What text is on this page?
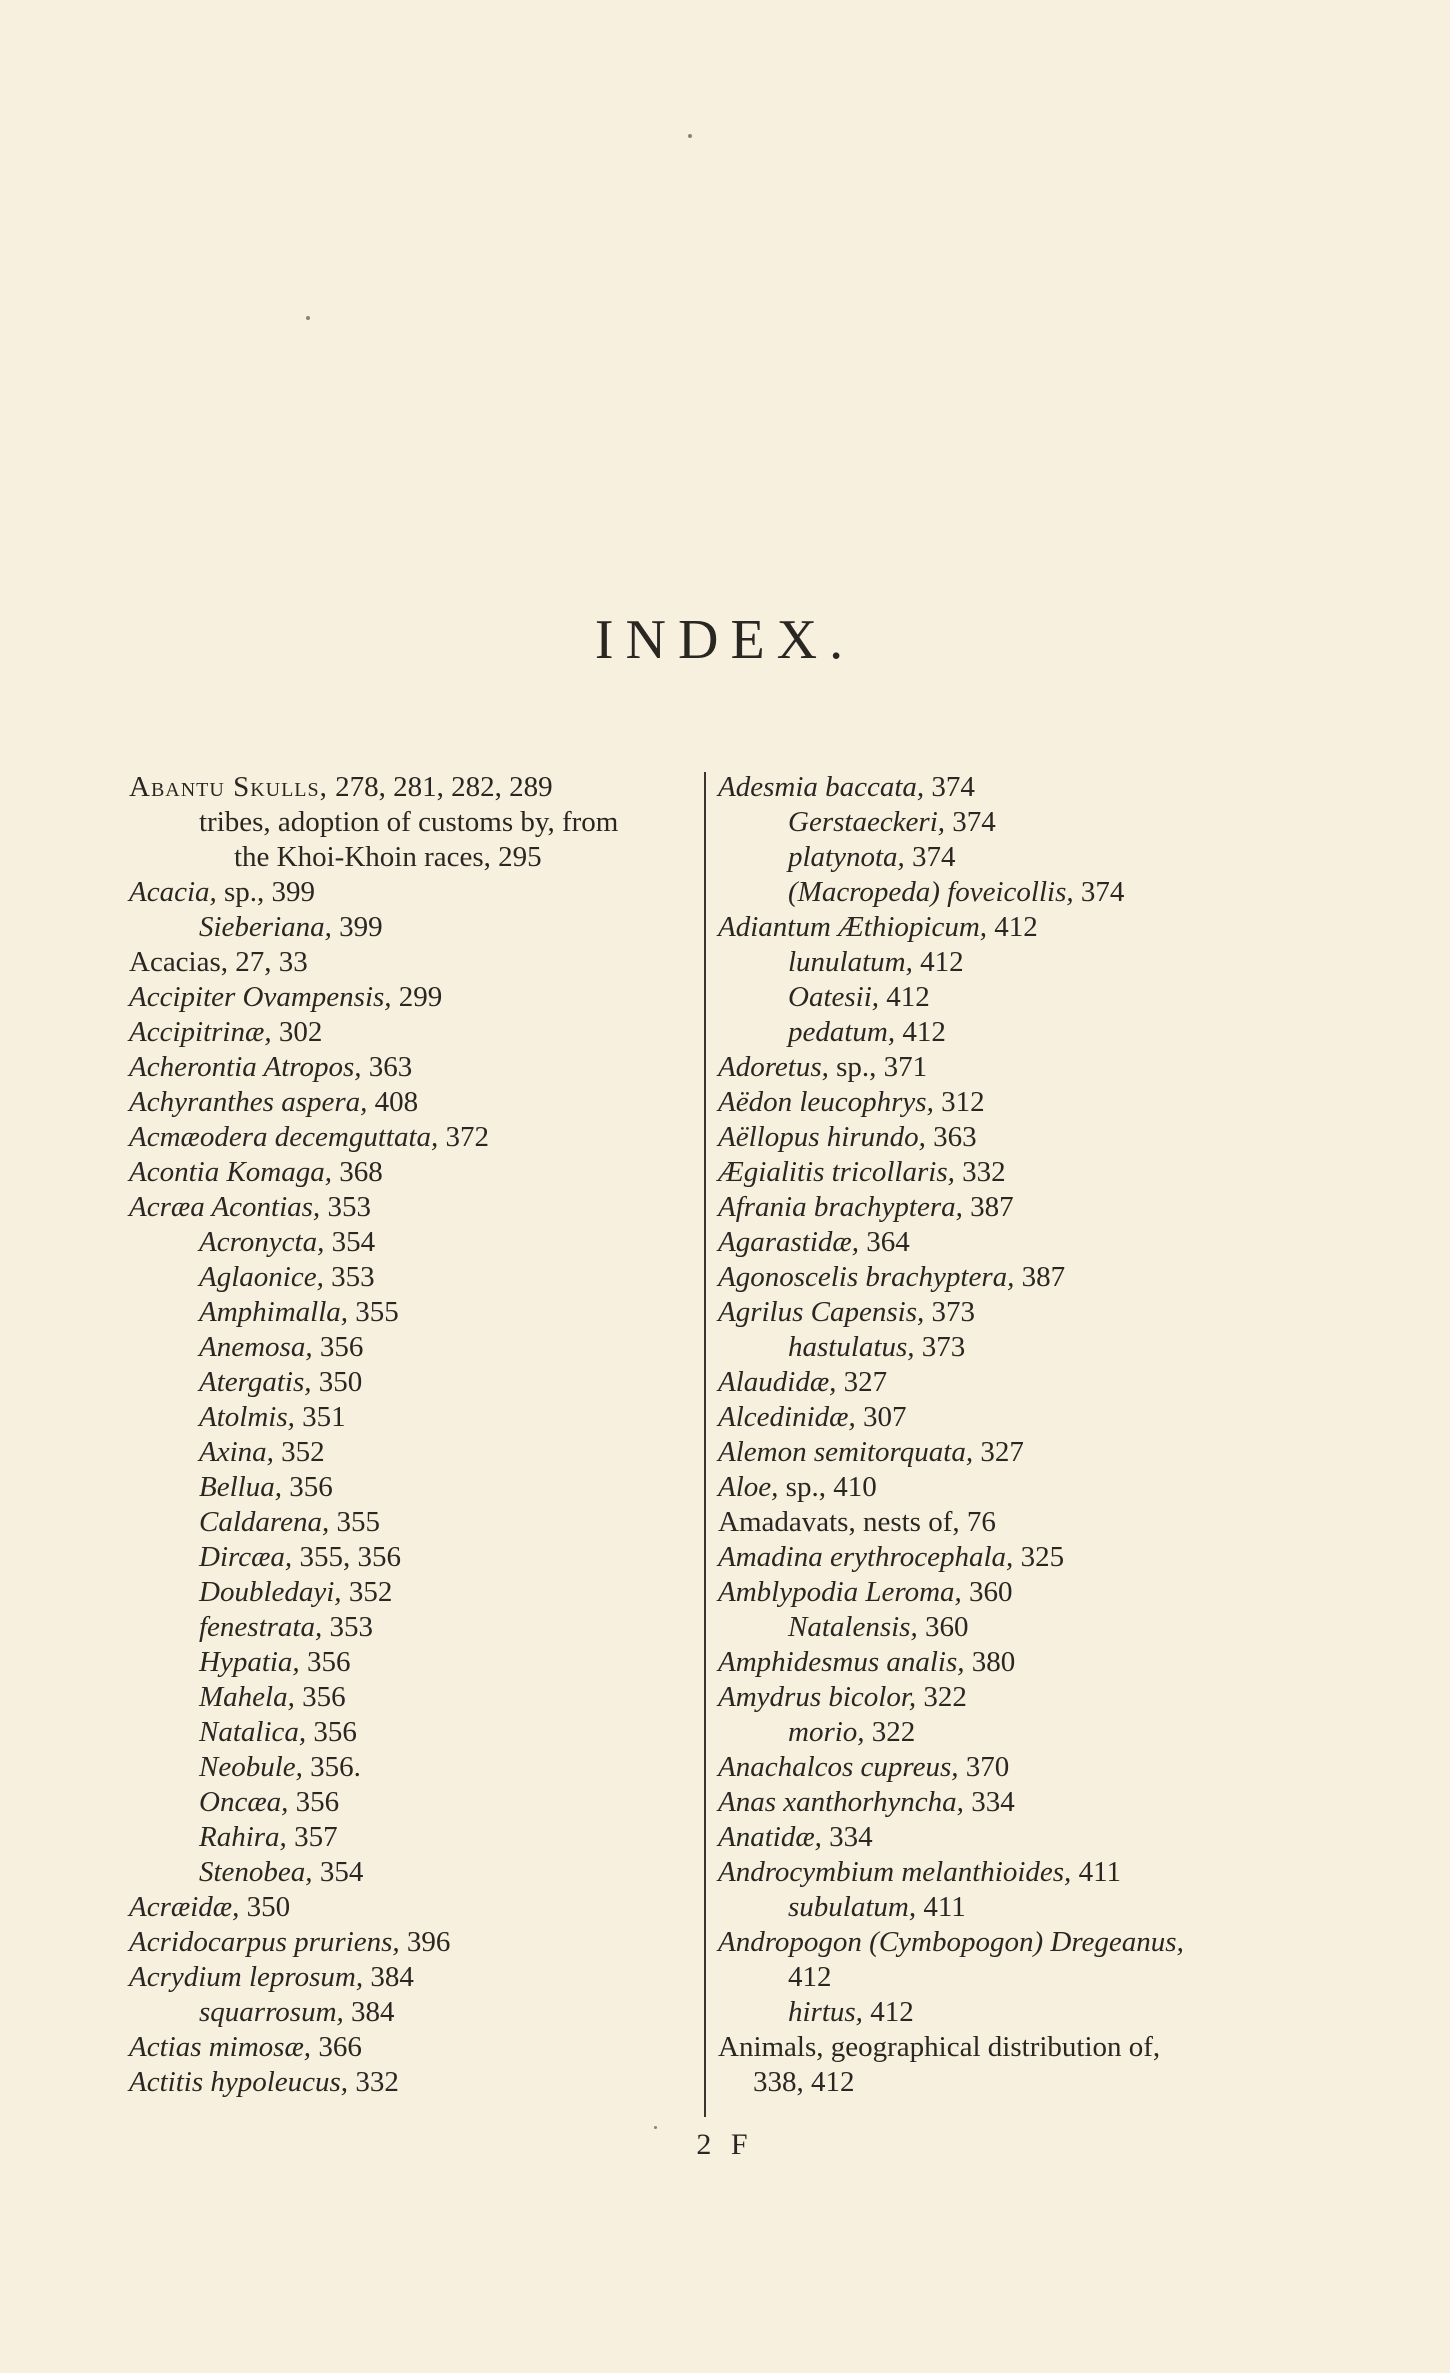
INDEX.
Abantu Skulls, 278, 281, 282, 289
tribes, adoption of customs by, from
the Khoi-Khoin races, 295
Acacia, sp., 399
Sieberiana, 399
Acacias, 27, 33
Accipiter Ovampensis, 299
Accipitrinæ, 302
Acherontia Atropos, 363
Achyranthes aspera, 408
Acmæodera decemguttata, 372
Acontia Komaga, 368
Acræa Acontias, 353
Acronycta, 354
Aglaonice, 353
Amphimalla, 355
Anemosa, 356
Atergatis, 350
Atolmis, 351
Axina, 352
Bellua, 356
Caldarena, 355
Dircæa, 355, 356
Doubledayi, 352
fenestrata, 353
Hypatia, 356
Mahela, 356
Natalica, 356
Neobule, 356.
Oncæa, 356
Rahira, 357
Stenobea, 354
Acræidæ, 350
Acridocarpus pruriens, 396
Acrydium leprosum, 384
squarrosum, 384
Actias mimosæ, 366
Actitis hypoleucus, 332
Adesmia baccata, 374
Gerstaeckeri, 374
platynota, 374
(Macropeda) foveicollis, 374
Adiantum Æthiopicum, 412
lunulatum, 412
Oatesii, 412
pedatum, 412
Adoretus, sp., 371
Aëdon leucophrys, 312
Aëllopus hirundo, 363
Ægialitis tricollaris, 332
Afrania brachyptera, 387
Agarastidæ, 364
Agonoscelis brachyptera, 387
Agrilus Capensis, 373
hastulatus, 373
Alaudidæ, 327
Alcedinidæ, 307
Alemon semitorquata, 327
Aloe, sp., 410
Amadavats, nests of, 76
Amadina erythrocephala, 325
Amblypodia Leroma, 360
Natalensis, 360
Amphidesmus analis, 380
Amydrus bicolor, 322
morio, 322
Anachalcos cupreus, 370
Anas xanthorhyncha, 334
Anatidæ, 334
Androcymbium melanthioides, 411
subulatum, 411
Andropogon (Cymbopogon) Dregeanus,
412
hirtus, 412
Animals, geographical distribution of,
338, 412
2 F
